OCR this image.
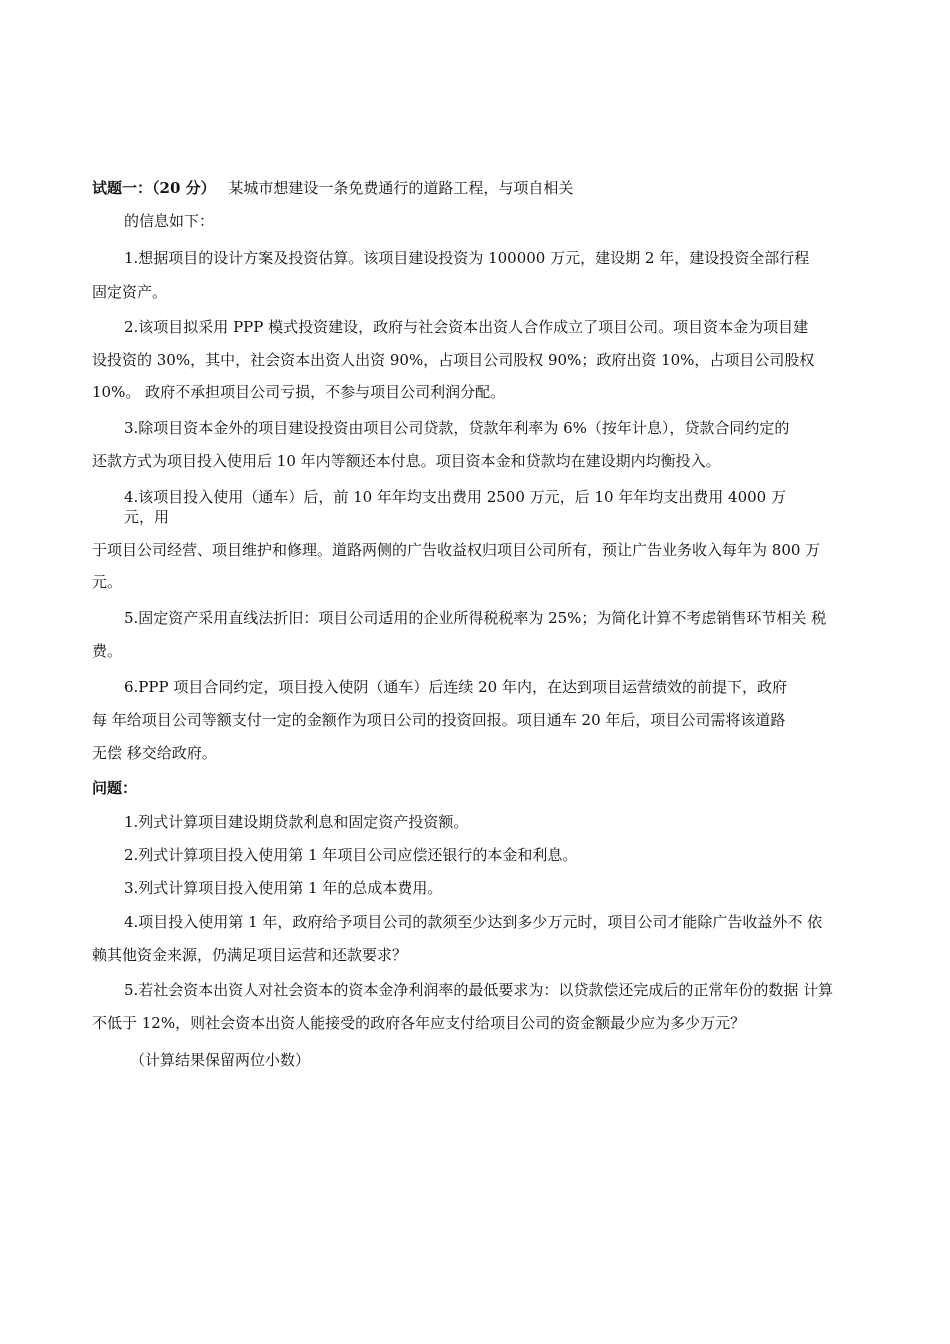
试题一：（20 分） 某城市想建设一条免费通行的道路工程，与项自相关
的信息如下：
1.想据项目的设计方案及投资估算。该项目建设投资为 100000 万元，建设期 2 年，建设投资全部行程
固定资产。
2.该项目拟采用 PPP 模式投资建设，政府与社会资本出资人合作成立了项目公司。项目资本金为项目建
设投资的 30%，其中，社会资本出资人出资 90%，占项目公司股权 90%；政府出资 10%，占项目公司股权
10%。 政府不承担项目公司亏损，不参与项目公司利润分配。
3.除项目资本金外的项目建设投资由项目公司贷款，贷款年利率为 6%（按年计息），贷款合同约定的
还款方式为项目投入使用后 10 年内等额还本付息。项目资本金和贷款均在建设期内均衡投入。
4.该项目投入使用（通车）后，前 10 年年均支出费用 2500 万元，后 10 年年均支出费用 4000 万
元，用
于项目公司经营、项目维护和修理。道路两侧的广告收益权归项目公司所有，预让广告业务收入每年为 800 万
元。
5.固定资产采用直线法折旧：项目公司适用的企业所得税税率为 25%；为简化计算不考虑销售环节相关 税
费。
6.PPP 项目合同约定，项目投入使阴（通车）后连续 20 年内，在达到项目运营绩效的前提下，政府
每 年给项目公司等额支付一定的金额作为项日公司的投资回报。项目通车 20 年后，项目公司需将该道路
无偿 移交给政府。
问题：
1.列式计算项目建设期贷款利息和固定资产投资额。
2.列式计算项目投入使用第 1 年项目公司应偿还银行的本金和利息。
3.列式计算项目投入使用第 1 年的总成本费用。
4.项目投入使用第 1 年，政府给予项目公司的款须至少达到多少万元时，项目公司才能除广告收益外不 依
赖其他资金来源，仍满足项目运营和还款要求？
5.若社会资本出资人对社会资本的资本金净利润率的最低要求为：以贷款偿还完成后的正常年份的数据 计算
不低于 12%，则社会资本出资人能接受的政府各年应支付给项目公司的资金额最少应为多少万元？
（计算结果保留两位小数）
